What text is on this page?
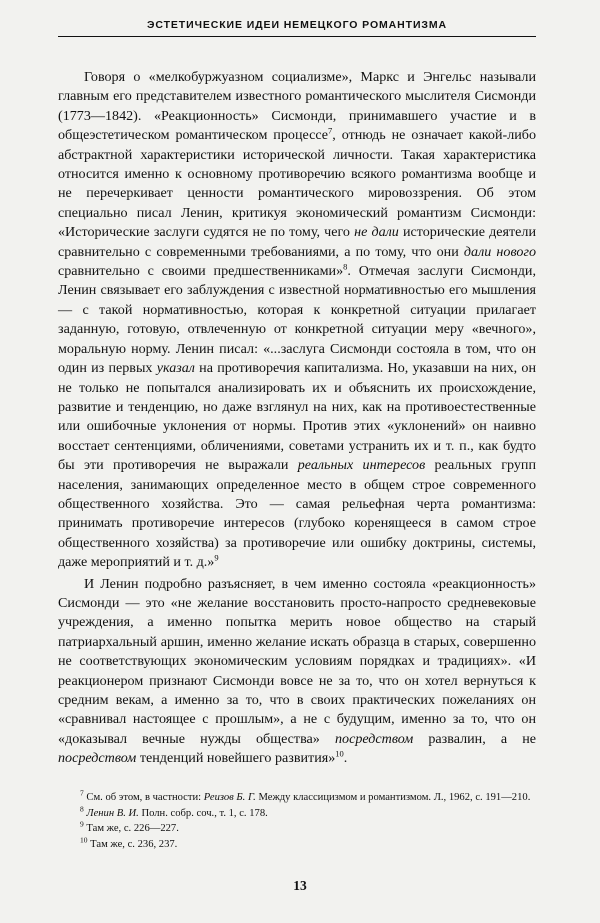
ЭСТЕТИЧЕСКИЕ ИДЕИ НЕМЕЦКОГО РОМАНТИЗМА

Говоря о «мелкобуржуазном социализме», Маркс и Энгельс называли главным его представителем известного романтического мыслителя Сисмонди (1773—1842). «Реакционность» Сисмонди, принимавшего участие и в общеэстетическом романтическом процессе$^7$, отнюдь не означает какой-либо абстрактной характеристики исторической личности. Такая характеристика относится именно к основному противоречию всякого романтизма вообще и не перечеркивает ценности романтического мировоззрения. Об этом специально писал Ленин, критикуя экономический романтизм Сисмонди: «Исторические заслуги судятся не по тому, чего не дали исторические деятели сравнительно с современными требованиями, а по тому, что они дали нового сравнительно с своими предшественниками»$^8$. Отмечая заслуги Сисмонди, Ленин связывает его заблуждения с известной нормативностью его мышления — с такой нормативностью, которая к конкретной ситуации прилагает заданную, готовую, отвлеченную от конкретной ситуации меру «вечного», моральную норму. Ленин писал: «...заслуга Сисмонди состояла в том, что он один из первых указал на противоречия капитализма. Но, указавши на них, он не только не попытался анализировать их и объяснить их происхождение, развитие и тенденцию, но даже взглянул на них, как на противоестественные или ошибочные уклонения от нормы. Против этих «уклонений» он наивно восстает сентенциями, обличениями, советами устранить их и т. п., как будто бы эти противоречия не выражали реальных интересов реальных групп населения, занимающих определенное место в общем строе современного общественного хозяйства. Это — самая рельефная черта романтизма: принимать противоречие интересов (глубоко коренящееся в самом строе общественного хозяйства) за противоречие или ошибку доктрины, системы, даже мероприятий и т. д.»$^9$

И Ленин подробно разъясняет, в чем именно состояла «реакционность» Сисмонди — это «не желание восстановить просто-напросто средневековые учреждения, а именно попытка мерить новое общество на старый патриархальный аршин, именно желание искать образца в старых, совершенно не соответствующих экономическим условиям порядках и традициях». «И реакционером признают Сисмонди вовсе не за то, что он хотел вернуться к средним векам, а именно за то, что в своих практических пожеланиях он «сравнивал настоящее с прошлым», а не с будущим, именно за то, что он «доказывал вечные нужды общества» посредством развалин, а не посредством тенденций новейшего развития»$^{10}$.

$^7$ См. об этом, в частности: Реизов Б. Г. Между классицизмом и романтизмом. Л., 1962, с. 191—210.

$^8$ Ленин В. И. Полн. собр. соч., т. 1, с. 178.

$^9$ Там же, с. 226—227.

$^{10}$ Там же, с. 236, 237.

13
